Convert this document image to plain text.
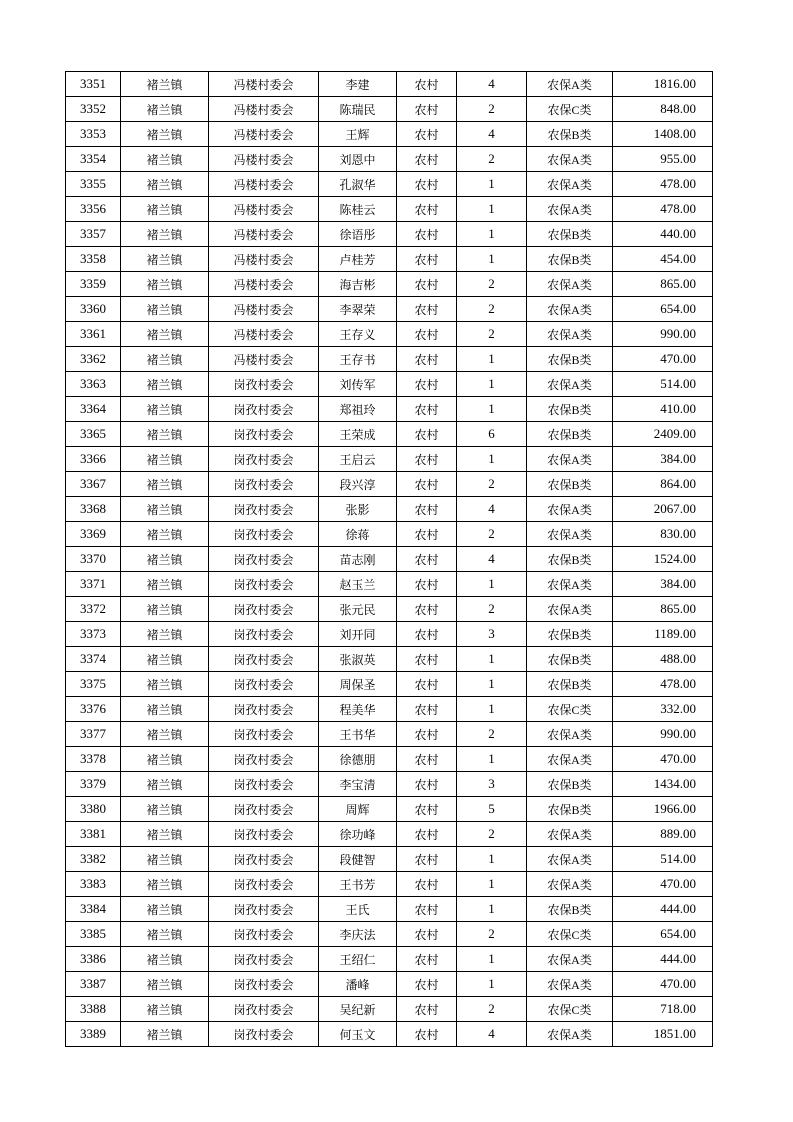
3351	褚兰镇	冯楼村委会	李建	农村	4	农保A类	1816.00
3352	褚兰镇	冯楼村委会	陈瑞民	农村	2	农保C类	848.00
3353	褚兰镇	冯楼村委会	王辉	农村	4	农保B类	1408.00
3354	褚兰镇	冯楼村委会	刘恩中	农村	2	农保A类	955.00
3355	褚兰镇	冯楼村委会	孔淑华	农村	1	农保A类	478.00
3356	褚兰镇	冯楼村委会	陈桂云	农村	1	农保A类	478.00
3357	褚兰镇	冯楼村委会	徐语彤	农村	1	农保B类	440.00
3358	褚兰镇	冯楼村委会	卢桂芳	农村	1	农保B类	454.00
3359	褚兰镇	冯楼村委会	海吉彬	农村	2	农保A类	865.00
3360	褚兰镇	冯楼村委会	李翠荣	农村	2	农保A类	654.00
3361	褚兰镇	冯楼村委会	王存义	农村	2	农保A类	990.00
3362	褚兰镇	冯楼村委会	王存书	农村	1	农保B类	470.00
3363	褚兰镇	岗孜村委会	刘传军	农村	1	农保A类	514.00
3364	褚兰镇	岗孜村委会	郑祖玲	农村	1	农保B类	410.00
3365	褚兰镇	岗孜村委会	王荣成	农村	6	农保B类	2409.00
3366	褚兰镇	岗孜村委会	王启云	农村	1	农保A类	384.00
3367	褚兰镇	岗孜村委会	段兴淳	农村	2	农保B类	864.00
3368	褚兰镇	岗孜村委会	张影	农村	4	农保A类	2067.00
3369	褚兰镇	岗孜村委会	徐蒋	农村	2	农保A类	830.00
3370	褚兰镇	岗孜村委会	苗志刚	农村	4	农保B类	1524.00
3371	褚兰镇	岗孜村委会	赵玉兰	农村	1	农保A类	384.00
3372	褚兰镇	岗孜村委会	张元民	农村	2	农保A类	865.00
3373	褚兰镇	岗孜村委会	刘开同	农村	3	农保B类	1189.00
3374	褚兰镇	岗孜村委会	张淑英	农村	1	农保B类	488.00
3375	褚兰镇	岗孜村委会	周保圣	农村	1	农保B类	478.00
3376	褚兰镇	岗孜村委会	程美华	农村	1	农保C类	332.00
3377	褚兰镇	岗孜村委会	王书华	农村	2	农保A类	990.00
3378	褚兰镇	岗孜村委会	徐德朋	农村	1	农保A类	470.00
3379	褚兰镇	岗孜村委会	李宝清	农村	3	农保B类	1434.00
3380	褚兰镇	岗孜村委会	周辉	农村	5	农保B类	1966.00
3381	褚兰镇	岗孜村委会	徐功峰	农村	2	农保A类	889.00
3382	褚兰镇	岗孜村委会	段健智	农村	1	农保A类	514.00
3383	褚兰镇	岗孜村委会	王书芳	农村	1	农保A类	470.00
3384	褚兰镇	岗孜村委会	王氏	农村	1	农保B类	444.00
3385	褚兰镇	岗孜村委会	李庆法	农村	2	农保C类	654.00
3386	褚兰镇	岗孜村委会	王绍仁	农村	1	农保A类	444.00
3387	褚兰镇	岗孜村委会	潘峰	农村	1	农保A类	470.00
3388	褚兰镇	岗孜村委会	吴纪新	农村	2	农保C类	718.00
3389	褚兰镇	岗孜村委会	何玉文	农村	4	农保A类	1851.00
